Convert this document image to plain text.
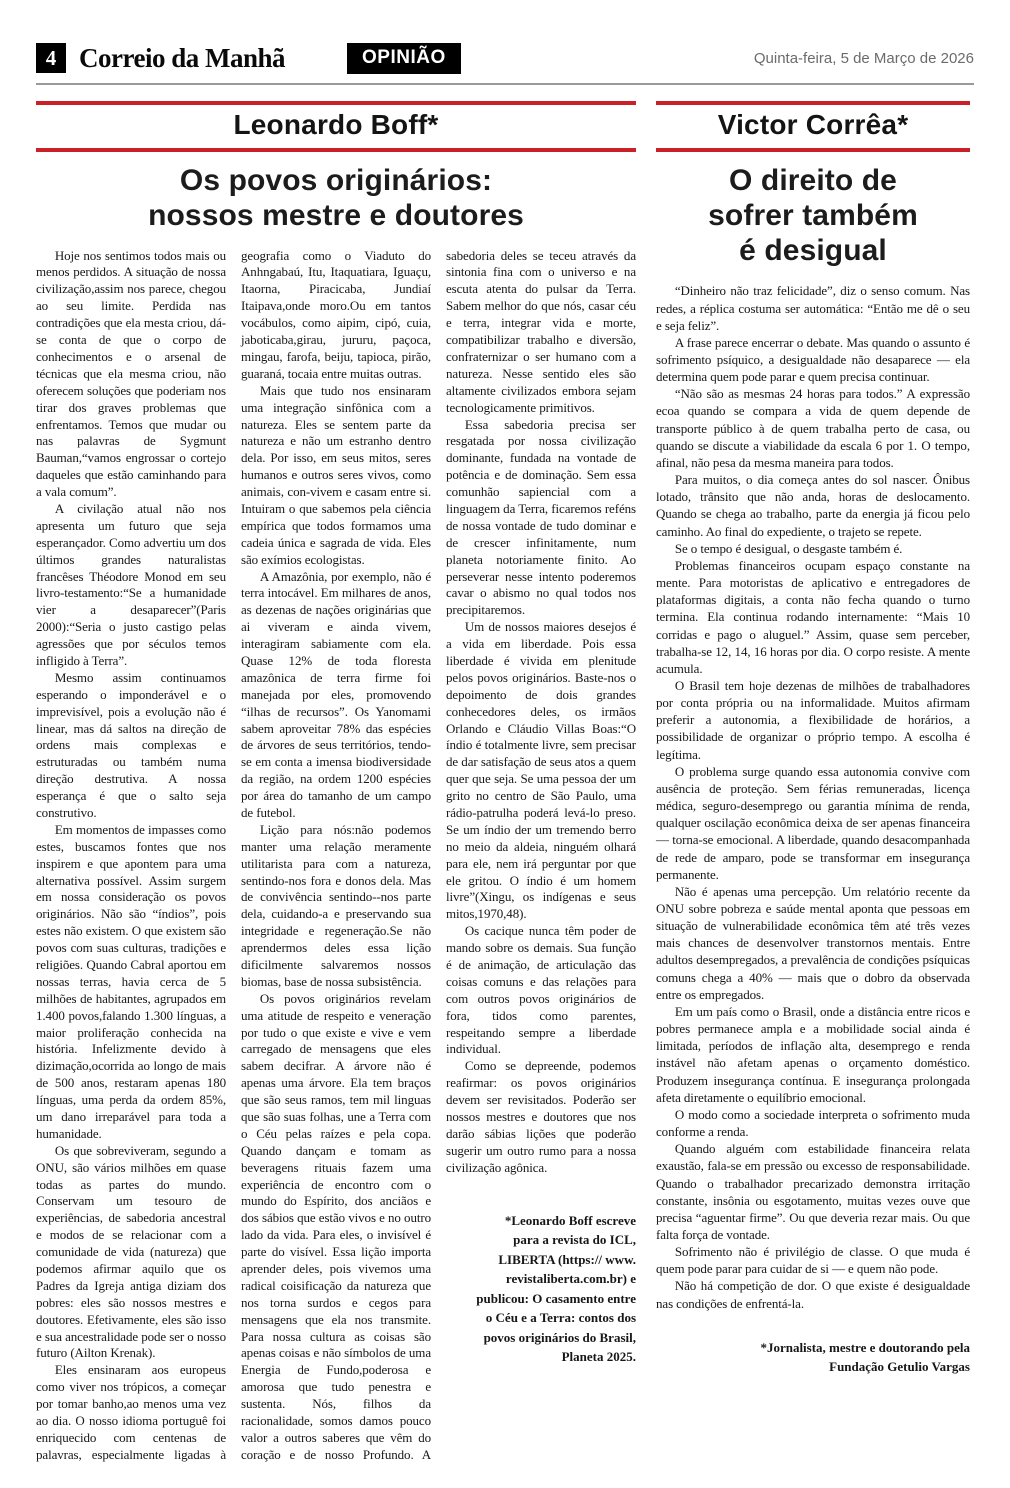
4 Correio da Manhã	OPINIÃO	Quinta-feira, 5 de Março de 2026
Leonardo Boff*
Os povos originários:
nossos mestre e doutores

Hoje nos sentimos todos mais ou menos perdidos. A situação de nossa civilização,assim nos parece, chegou ao seu limite. Perdida nas contradições que ela mesta criou, dá-se conta de que o corpo de conhecimentos e o arsenal de técnicas que ela mesma criou, não oferecem soluções que poderiam nos tirar dos graves problemas que enfrentamos. Temos que mudar ou nas palavras de Sygmunt Bauman,“vamos engrossar o cortejo daqueles que estão caminhando para a vala comum”.

A civilação atual não nos apresenta um futuro que seja esperançador. Como advertiu um dos últimos grandes naturalistas francêses Théodore Monod em seu livro-testamento:“Se a humanidade vier a desaparecer”(Paris 2000):“Seria o justo castigo pelas agressões que por séculos temos infligido à Terra”.

Mesmo assim continuamos esperando o imponderável e o imprevisível, pois a evolução não é linear, mas dá saltos na direção de ordens mais complexas e estruturadas ou também numa direção destrutiva. A nossa esperança é que o salto seja construtivo.

Em momentos de impasses como estes, buscamos fontes que nos inspirem e que apontem para uma alternativa possível. Assim surgem em nossa consideração os povos originários. Não são “índios”, pois estes não existem. O que existem são povos com suas culturas, tradições e religiões. Quando Cabral aportou em nossas terras, havia cerca de 5 milhões de habitantes, agrupados em 1.400 povos,falando 1.300 línguas, a maior proliferação conhecida na história. Infelizmente devido à dizimação,ocorrida ao longo de mais de 500 anos, restaram apenas 180 línguas, uma perda da ordem 85%, um dano irreparável para toda a humanidade.

Os que sobreviveram, segundo a ONU, são vários milhões em quase todas as partes do mundo. Conservam um tesouro de experiências, de sabedoria ancestral e modos de se relacionar com a comunidade de vida (natureza) que podemos afirmar aquilo que os Padres da Igreja antiga diziam dos pobres: eles são nossos mestres e doutores. Efetivamente, eles são isso e sua ancestralidade pode ser o nosso futuro (Ailton Krenak).

Eles ensinaram aos europeus como viver nos trópicos, a começar por tomar banho,ao menos uma vez ao dia. O nosso idioma portuguê foi enriquecido com centenas de palavras, especialmente ligadas à geografia como o Viaduto do Anhngabaú, Itu, Itaquatiara, Iguaçu, Itaorna, Piracicaba, Jundiaí Itaipava,onde moro.Ou em tantos vocábulos, como aipim, cipó, cuia, jaboticaba,girau, jururu, paçoca, mingau, farofa, beiju, tapioca, pirão, guaraná, tocaia entre muitas outras.

Mais que tudo nos ensinaram uma integração sinfônica com a natureza. Eles se sentem parte da natureza e não um estranho dentro dela. Por isso, em seus mitos, seres humanos e outros seres vivos, como animais, con-vivem e casam entre si. Intuiram o que sabemos pela ciência empírica que todos formamos uma cadeia única e sagrada de vida. Eles são exímios ecologistas.

A Amazônia, por exemplo, não é terra intocável. Em milhares de anos, as dezenas de nações originárias que ai viveram e ainda vivem, interagiram sabiamente com ela. Quase 12% de toda floresta amazônica de terra firme foi manejada por eles, promovendo “ilhas de recursos”. Os Yanomami sabem aproveitar 78% das espécies de árvores de seus territórios, tendo-se em conta a imensa biodiversidade da região, na ordem 1200 espécies por área do tamanho de um campo de futebol.

Lição para nós:não podemos manter uma relação meramente utilitarista para com a natureza, sentindo-nos fora e donos dela. Mas de convivência sentindo--nos parte dela, cuidando-a e preservando sua integridade e regeneração.Se não aprendermos deles essa lição dificilmente salvaremos nossos biomas, base de nossa subsistência.

Os povos originários revelam uma atitude de respeito e veneração por tudo o que existe e vive e vem carregado de mensagens que eles sabem decifrar. A árvore não é apenas uma árvore. Ela tem braços que são seus ramos, tem mil linguas que são suas folhas, une a Terra com o Céu pelas raízes e pela copa. Quando dançam e tomam as beveragens rituais fazem uma experiência de encontro com o mundo do Espírito, dos anciãos e dos sábios que estão vivos e no outro lado da vida. Para eles, o invisível é parte do visível. Essa lição importa aprender deles, pois vivemos uma radical coisificação da natureza que nos torna surdos e cegos para mensagens que ela nos transmite. Para nossa cultura as coisas são apenas coisas e não símbolos de uma Energia de Fundo,poderosa e amorosa que tudo penestra e sustenta. Nós, filhos da racionalidade, somos damos pouco valor a outros saberes que vêm do coração e de nosso Profundo. A sabedoria deles se teceu através da sintonia fina com o universo e na escuta atenta do pulsar da Terra. Sabem melhor do que nós, casar céu e terra, integrar vida e morte, compatibilizar trabalho e diversão, confraternizar o ser humano com a natureza. Nesse sentido eles são altamente civilizados embora sejam tecnologicamente primitivos.

Essa sabedoria precisa ser resgatada por nossa civilização dominante, fundada na vontade de potência e de dominação. Sem essa comunhão sapiencial com a linguagem da Terra, ficaremos reféns de nossa vontade de tudo dominar e de crescer infinitamente, num planeta notoriamente finito. Ao perseverar nesse intento poderemos cavar o abismo no qual todos nos precipitaremos.

Um de nossos maiores desejos é a vida em liberdade. Pois essa liberdade é vivida em plenitude pelos povos originários. Baste-nos o depoimento de dois grandes conhecedores deles, os irmãos Orlando e Cláudio Villas Boas:“O índio é totalmente livre, sem precisar de dar satisfação de seus atos a quem quer que seja. Se uma pessoa der um grito no centro de São Paulo, uma rádio-patrulha poderá levá-lo preso. Se um índio der um tremendo berro no meio da aldeia, ninguém olhará para ele, nem irá perguntar por que ele gritou. O índio é um homem livre”(Xingu, os indígenas e seus mitos,1970,48).

Os cacique nunca têm poder de mando sobre os demais. Sua função é de animação, de articulação das coisas comuns e das relações para com outros povos originários de fora, tidos como parentes, respeitando sempre a liberdade individual.

Como se depreende, podemos reafirmar: os povos originários devem ser revisitados. Poderão ser nossos mestres e doutores que nos darão sábias lições que poderão sugerir um outro rumo para a nossa civilização agônica.

*Leonardo Boff escreve
para a revista do ICL,
LIBERTA (https:// www.
revistaliberta.com.br) e
publicou: O casamento entre
o Céu e a Terra: contos dos
povos originários do Brasil,
Planeta 2025.
Victor Corrêa*
O direito de
sofrer também
é desigual

“Dinheiro não traz felicidade”, diz o senso comum. Nas redes, a réplica costuma ser automática: “Então me dê o seu e seja feliz”.

A frase parece encerrar o debate. Mas quando o assunto é sofrimento psíquico, a desigualdade não desaparece — ela determina quem pode parar e quem precisa continuar.

“Não são as mesmas 24 horas para todos.” A expressão ecoa quando se compara a vida de quem depende de transporte público à de quem trabalha perto de casa, ou quando se discute a viabilidade da escala 6 por 1. O tempo, afinal, não pesa da mesma maneira para todos.

Para muitos, o dia começa antes do sol nascer. Ônibus lotado, trânsito que não anda, horas de deslocamento. Quando se chega ao trabalho, parte da energia já ficou pelo caminho. Ao final do expediente, o trajeto se repete.

Se o tempo é desigual, o desgaste também é.

Problemas financeiros ocupam espaço constante na mente. Para motoristas de aplicativo e entregadores de plataformas digitais, a conta não fecha quando o turno termina. Ela continua rodando internamente: “Mais 10 corridas e pago o aluguel.” Assim, quase sem perceber, trabalha-se 12, 14, 16 horas por dia. O corpo resiste. A mente acumula.

O Brasil tem hoje dezenas de milhões de trabalhadores por conta própria ou na informalidade. Muitos afirmam preferir a autonomia, a flexibilidade de horários, a possibilidade de organizar o próprio tempo. A escolha é legítima.

O problema surge quando essa autonomia convive com ausência de proteção. Sem férias remuneradas, licença médica, seguro-desemprego ou garantia mínima de renda, qualquer oscilação econômica deixa de ser apenas financeira — torna-se emocional. A liberdade, quando desacompanhada de rede de amparo, pode se transformar em insegurança permanente.

Não é apenas uma percepção. Um relatório recente da ONU sobre pobreza e saúde mental aponta que pessoas em situação de vulnerabilidade econômica têm até três vezes mais chances de desenvolver transtornos mentais. Entre adultos desempregados, a prevalência de condições psíquicas comuns chega a 40% — mais que o dobro da observada entre os empregados.

Em um país como o Brasil, onde a distância entre ricos e pobres permanece ampla e a mobilidade social ainda é limitada, períodos de inflação alta, desemprego e renda instável não afetam apenas o orçamento doméstico. Produzem insegurança contínua. E insegurança prolongada afeta diretamente o equilíbrio emocional.

O modo como a sociedade interpreta o sofrimento muda conforme a renda.

Quando alguém com estabilidade financeira relata exaustão, fala-se em pressão ou excesso de responsabilidade. Quando o trabalhador precarizado demonstra irritação constante, insônia ou esgotamento, muitas vezes ouve que precisa “aguentar firme”. Ou que deveria rezar mais. Ou que falta força de vontade.

Sofrimento não é privilégio de classe. O que muda é quem pode parar para cuidar de si — e quem não pode.

Não há competição de dor. O que existe é desigualdade nas condições de enfrentá-la.

*Jornalista, mestre e doutorando pela
Fundação Getulio Vargas
